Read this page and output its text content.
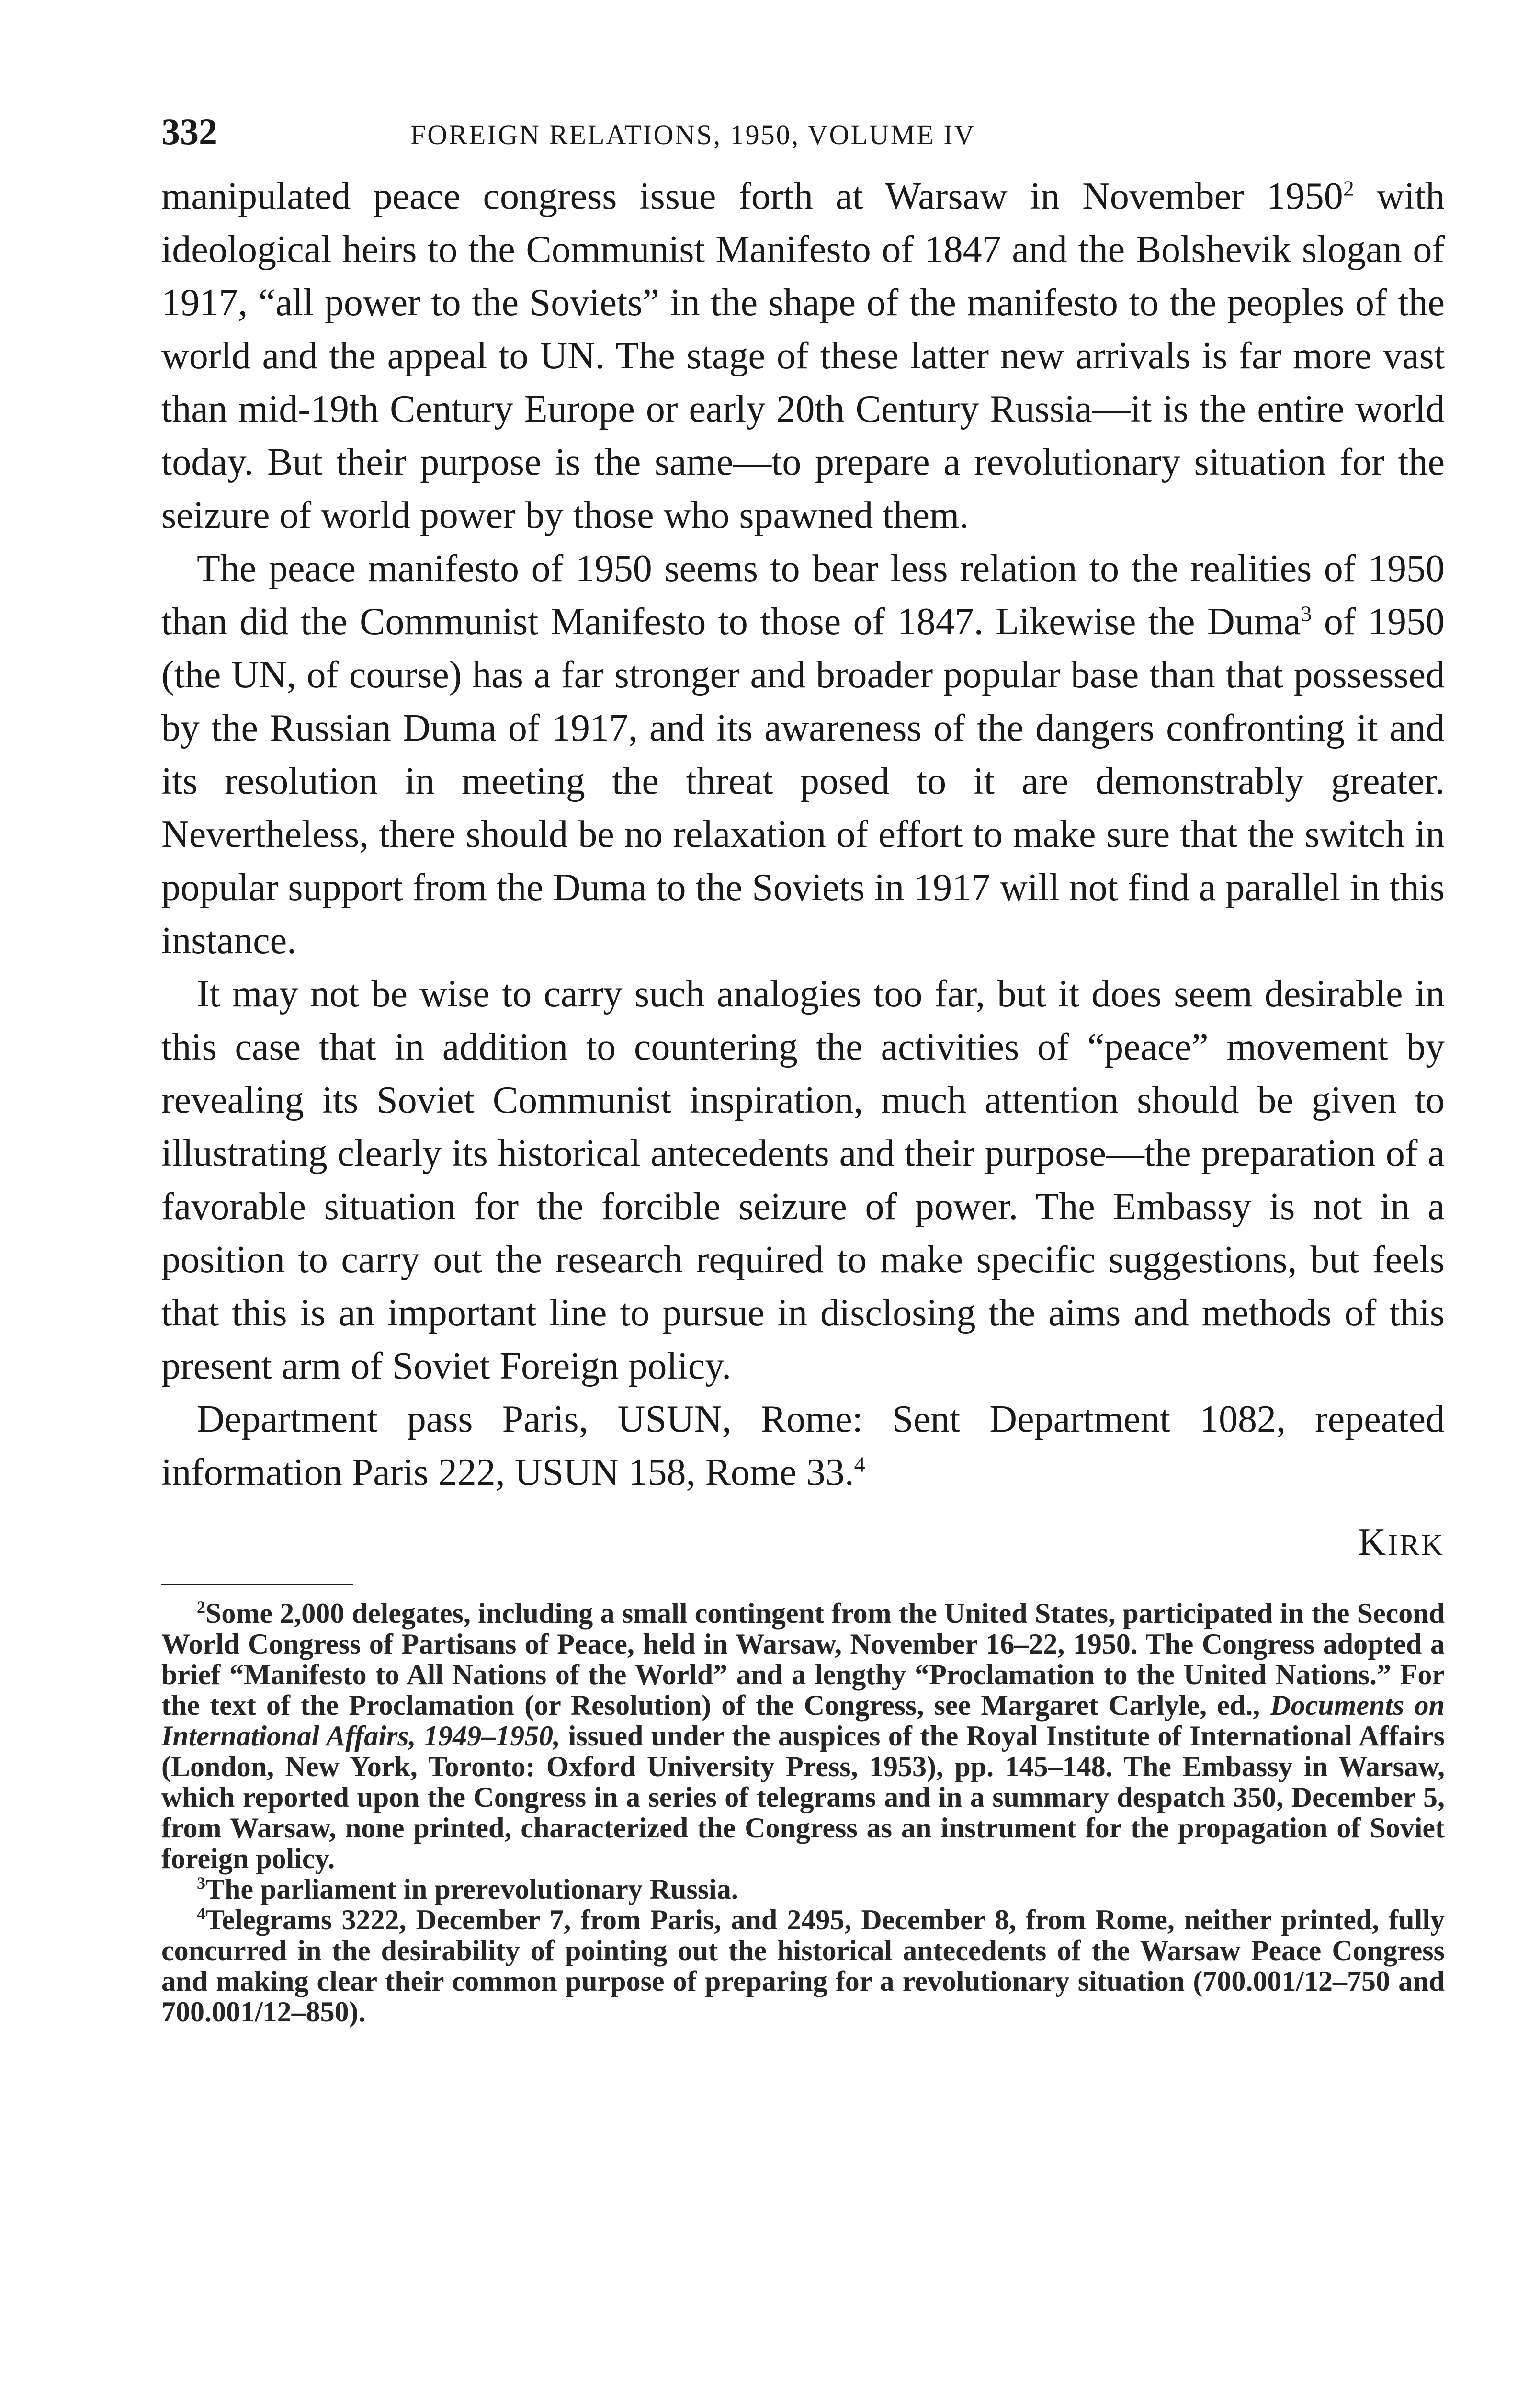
332	FOREIGN RELATIONS, 1950, VOLUME IV

manipulated peace congress issue forth at Warsaw in November 1950$^2$ with ideological heirs to the Communist Manifesto of 1847 and the Bolshevik slogan of 1917, “all power to the Soviets” in the shape of the manifesto to the peoples of the world and the appeal to UN. The stage of these latter new arrivals is far more vast than mid-19th Century Europe or early 20th Century Russia—it is the entire world today. But their purpose is the same—to prepare a revolutionary situation for the seizure of world power by those who spawned them.

The peace manifesto of 1950 seems to bear less relation to the realities of 1950 than did the Communist Manifesto to those of 1847. Likewise the Duma$^3$ of 1950 (the UN, of course) has a far stronger and broader popular base than that possessed by the Russian Duma of 1917, and its awareness of the dangers confronting it and its resolution in meeting the threat posed to it are demonstrably greater. Nevertheless, there should be no relaxation of effort to make sure that the switch in popular support from the Duma to the Soviets in 1917 will not find a parallel in this instance.

It may not be wise to carry such analogies too far, but it does seem desirable in this case that in addition to countering the activities of “peace” movement by revealing its Soviet Communist inspiration, much attention should be given to illustrating clearly its historical antecedents and their purpose—the preparation of a favorable situation for the forcible seizure of power. The Embassy is not in a position to carry out the research required to make specific suggestions, but feels that this is an important line to pursue in disclosing the aims and methods of this present arm of Soviet Foreign policy.

Department pass Paris, USUN, Rome: Sent Department 1082, repeated information Paris 222, USUN 158, Rome 33.$^4$

KIRK

$^2$Some 2,000 delegates, including a small contingent from the United States, participated in the Second World Congress of Partisans of Peace, held in Warsaw, November 16–22, 1950. The Congress adopted a brief “Manifesto to All Nations of the World” and a lengthy “Proclamation to the United Nations.” For the text of the Proclamation (or Resolution) of the Congress, see Margaret Carlyle, ed., Documents on International Affairs, 1949–1950, issued under the auspices of the Royal Institute of International Affairs (London, New York, Toronto: Oxford University Press, 1953), pp. 145–148. The Embassy in Warsaw, which reported upon the Congress in a series of telegrams and in a summary despatch 350, December 5, from Warsaw, none printed, characterized the Congress as an instrument for the propagation of Soviet foreign policy.

$^3$The parliament in prerevolutionary Russia.

$^4$Telegrams 3222, December 7, from Paris, and 2495, December 8, from Rome, neither printed, fully concurred in the desirability of pointing out the historical antecedents of the Warsaw Peace Congress and making clear their common purpose of preparing for a revolutionary situation (700.001/12–750 and 700.001/12–850).
